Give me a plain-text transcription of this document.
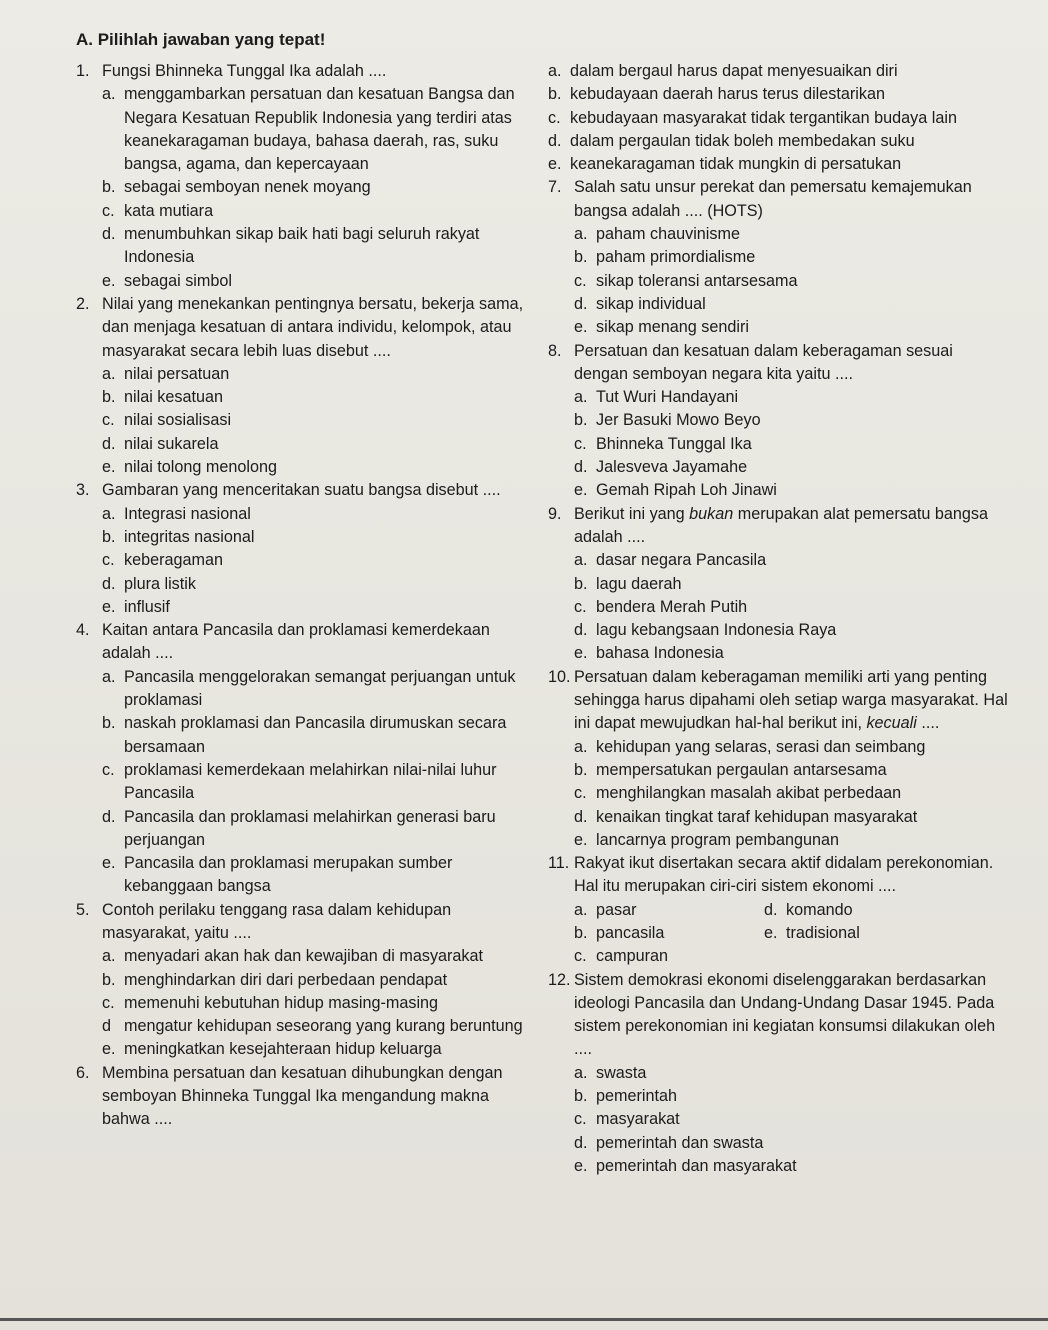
A. Pilihlah jawaban yang tepat!
1. Fungsi Bhinneka Tunggal Ika adalah ....
a. menggambarkan persatuan dan kesatuan Bangsa dan Negara Kesatuan Republik Indonesia yang terdiri atas keanekaragaman budaya, bahasa daerah, ras, suku bangsa, agama, dan kepercayaan
b. sebagai semboyan nenek moyang
c. kata mutiara
d. menumbuhkan sikap baik hati bagi seluruh rakyat Indonesia
e. sebagai simbol
2. Nilai yang menekankan pentingnya bersatu, bekerja sama, dan menjaga kesatuan di antara individu, kelompok, atau masyarakat secara lebih luas disebut ....
a. nilai persatuan
b. nilai kesatuan
c. nilai sosialisasi
d. nilai sukarela
e. nilai tolong menolong
3. Gambaran yang menceritakan suatu bangsa disebut ....
a. Integrasi nasional
b. integritas nasional
c. keberagaman
d. plura listik
e. influsif
4. Kaitan antara Pancasila dan proklamasi kemerdekaan adalah ....
a. Pancasila menggelorakan semangat perjuangan untuk proklamasi
b. naskah proklamasi dan Pancasila dirumuskan secara bersamaan
c. proklamasi kemerdekaan melahirkan nilai-nilai luhur Pancasila
d. Pancasila dan proklamasi melahirkan generasi baru perjuangan
e. Pancasila dan proklamasi merupakan sumber kebanggaan bangsa
5. Contoh perilaku tenggang rasa dalam kehidupan masyarakat, yaitu ....
a. menyadari akan hak dan kewajiban di masyarakat
b. menghindarkan diri dari perbedaan pendapat
c. memenuhi kebutuhan hidup masing-masing
d mengatur kehidupan seseorang yang kurang beruntung
e. meningkatkan kesejahteraan hidup keluarga
6. Membina persatuan dan kesatuan dihubungkan dengan semboyan Bhinneka Tunggal Ika mengandung makna bahwa ....
a. dalam bergaul harus dapat menyesuaikan diri
b. kebudayaan daerah harus terus dilestarikan
c. kebudayaan masyarakat tidak tergantikan budaya lain
d. dalam pergaulan tidak boleh membedakan suku
e. keanekaragaman tidak mungkin di persatukan
7. Salah satu unsur perekat dan pemersatu kemajemukan bangsa adalah .... (HOTS)
a. paham chauvinisme
b. paham primordialisme
c. sikap toleransi antarsesama
d. sikap individual
e. sikap menang sendiri
8. Persatuan dan kesatuan dalam keberagaman sesuai dengan semboyan negara kita yaitu ....
a. Tut Wuri Handayani
b. Jer Basuki Mowo Beyo
c. Bhinneka Tunggal Ika
d. Jalesveva Jayamahe
e. Gemah Ripah Loh Jinawi
9. Berikut ini yang bukan merupakan alat pemersatu bangsa adalah ....
a. dasar negara Pancasila
b. lagu daerah
c. bendera Merah Putih
d. lagu kebangsaan Indonesia Raya
e. bahasa Indonesia
10. Persatuan dalam keberagaman memiliki arti yang penting sehingga harus dipahami oleh setiap warga masyarakat. Hal ini dapat mewujudkan hal-hal berikut ini, kecuali ....
a. kehidupan yang selaras, serasi dan seimbang
b. mempersatukan pergaulan antarsesama
c. menghilangkan masalah akibat perbedaan
d. kenaikan tingkat taraf kehidupan masyarakat
e. lancarnya program pembangunan
11. Rakyat ikut disertakan secara aktif didalam perekonomian. Hal itu merupakan ciri-ciri sistem ekonomi ....
a. pasar	d. komando
b. pancasila	e. tradisional
c. campuran
12. Sistem demokrasi ekonomi diselenggarakan berdasarkan ideologi Pancasila dan Undang-Undang Dasar 1945. Pada sistem perekonomian ini kegiatan konsumsi dilakukan oleh ....
a. swasta
b. pemerintah
c. masyarakat
d. pemerintah dan swasta
e. pemerintah dan masyarakat
